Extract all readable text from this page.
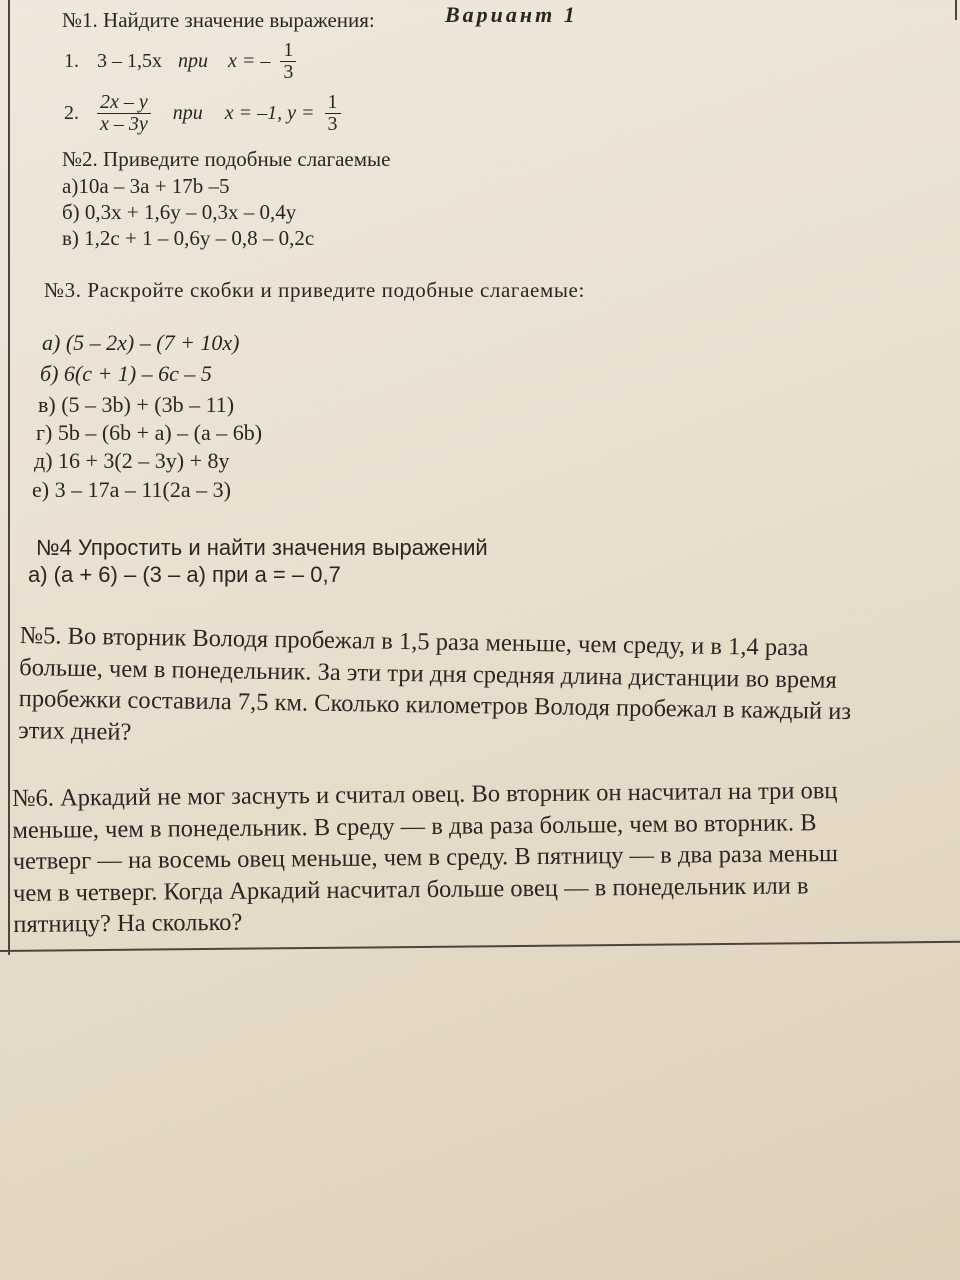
Вариант 1
№1. Найдите значение выражения:
1. 3 – 1,5x при x = – $\frac{1}{3}$
2. $\frac{2x - y}{x - 3y}$ при x = –1, $y = \frac{1}{3}$
№2. Приведите подобные слагаемые
а)10а – 3а + 17b –5
б) 0,3x + 1,6y – 0,3x – 0,4y
в) 1,2c + 1 – 0,6y – 0,8 – 0,2c
№3. Раскройте скобки и приведите подобные слагаемые:
а) (5 – 2x) – (7 + 10x)
б) 6(c + 1) – 6c – 5
в) (5 – 3b) + (3b – 11)
г) 5b – (6b + a) – (a – 6b)
д) 16 + 3(2 – 3y) + 8y
е) 3 – 17a – 11(2a – 3)
№4 Упростить и найти значения выражений
а) (а + 6) – (3 – а) при а = – 0,7
№5. Во вторник Володя пробежал в 1,5 раза меньше, чем среду, и в 1,4 раза
больше, чем в понедельник. За эти три дня средняя длина дистанции во время
пробежки составила 7,5 км. Сколько километров Володя пробежал в каждый из
этих дней?
№6. Аркадий не мог заснуть и считал овец. Во вторник он насчитал на три овц
меньше, чем в понедельник. В среду — в два раза больше, чем во вторник. В
четверг — на восемь овец меньше, чем в среду. В пятницу — в два раза меньш
чем в четверг. Когда Аркадий насчитал больше овец — в понедельник или в
пятницу? На сколько?
